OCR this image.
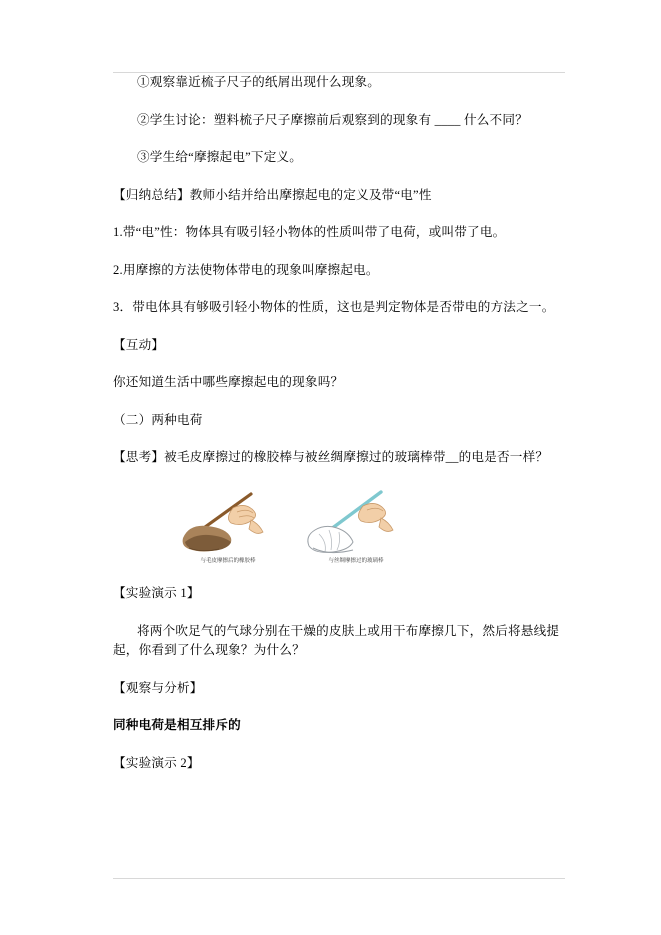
①观察靠近梳子尺子的纸屑出现什么现象。

②学生讨论：塑料梳子尺子摩擦前后观察到的现象有 ____ 什么不同？

③学生给“摩擦起电”下定义。

【归纳总结】教师小结并给出摩擦起电的定义及带“电”性

1.带“电”性：物体具有吸引轻小物体的性质叫带了电荷，或叫带了电。

2.用摩擦的方法使物体带电的现象叫摩擦起电。

3．带电体具有够吸引轻小物体的性质，这也是判定物体是否带电的方法之一。

【互动】

你还知道生活中哪些摩擦起电的现象吗？

（二）两种电荷

【思考】被毛皮摩擦过的橡胶棒与被丝绸摩擦过的玻璃棒带__的电是否一样？

与毛皮摩擦后的橡胶棒	与丝绸摩擦过的玻璃棒

【实验演示 1】

将两个吹足气的气球分别在干燥的皮肤上或用干布摩擦几下，然后将悬线提起，你看到了什么现象？为什么？

【观察与分析】

同种电荷是相互排斥的

【实验演示 2】
